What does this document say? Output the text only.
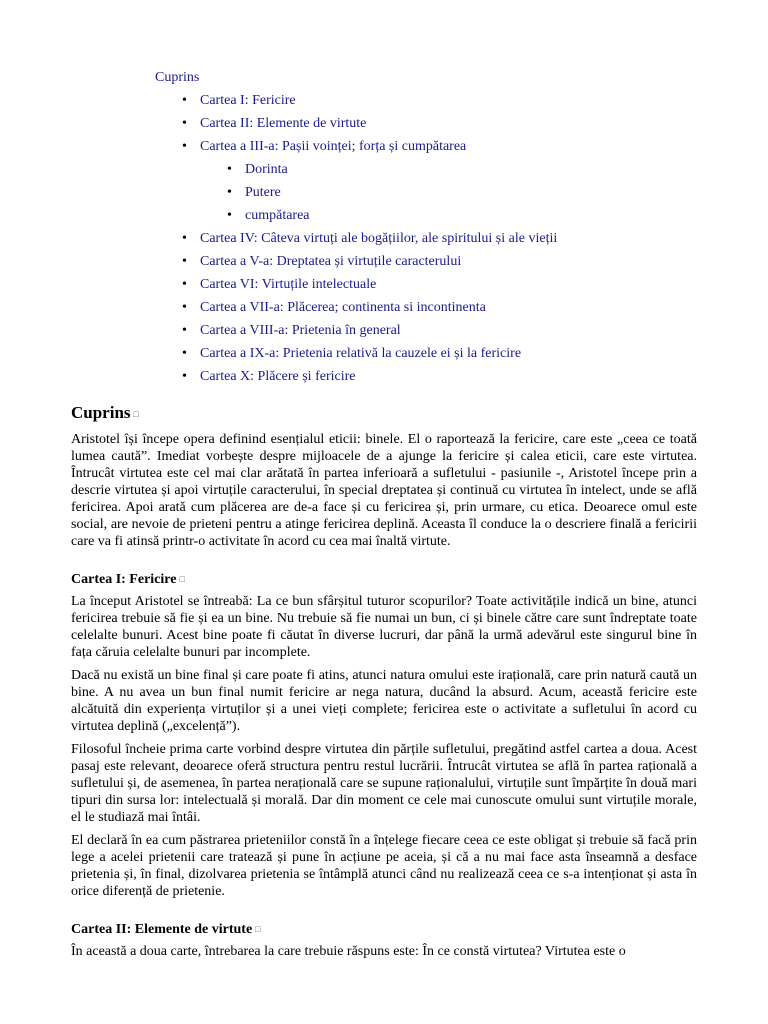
Cuprins
• Cartea I: Fericire
• Cartea II: Elemente de virtute
• Cartea a III-a: Pașii voinței; forța și cumpătarea
• Dorinta
• Putere
• cumpătarea
• Cartea IV: Câteva virtuți ale bogățiilor, ale spiritului și ale vieții
• Cartea a V-a: Dreptatea și virtuțile caracterului
• Cartea VI: Virtuțile intelectuale
• Cartea a VII-a: Plăcerea; continenta si incontinenta
• Cartea a VIII-a: Prietenia în general
• Cartea a IX-a: Prietenia relativă la cauzele ei și la fericire
• Cartea X: Plăcere și fericire
Cuprins □

Aristotel își începe opera definind esențialul eticii: binele. El o raportează la fericire, care este „ceea ce toată lumea caută”. Imediat vorbește despre mijloacele de a ajunge la fericire și calea eticii, care este virtutea. Întrucât virtutea este cel mai clar arătată în partea inferioară a sufletului - pasiunile -, Aristotel începe prin a descrie virtutea și apoi virtuțile caracterului, în special dreptatea și continuă cu virtutea în intelect, unde se află fericirea. Apoi arată cum plăcerea are de-a face și cu fericirea și, prin urmare, cu etica. Deoarece omul este social, are nevoie de prieteni pentru a atinge fericirea deplină. Aceasta îl conduce la o descriere finală a fericirii care va fi atinsă printr-o activitate în acord cu cea mai înaltă virtute.

Cartea I: Fericire □

La început Aristotel se întreabă: La ce bun sfârșitul tuturor scopurilor? Toate activitățile indică un bine, atunci fericirea trebuie să fie și ea un bine. Nu trebuie să fie numai un bun, ci și binele către care sunt îndreptate toate celelalte bunuri. Acest bine poate fi căutat în diverse lucruri, dar până la urmă adevărul este singurul bine în fața căruia celelalte bunuri par incomplete.

Dacă nu există un bine final și care poate fi atins, atunci natura omului este irațională, care prin natură caută un bine. A nu avea un bun final numit fericire ar nega natura, ducând la absurd. Acum, această fericire este alcătuită din experiența virtuților și a unei vieți complete; fericirea este o activitate a sufletului în acord cu virtutea deplină („excelență”).

Filosoful încheie prima carte vorbind despre virtutea din părțile sufletului, pregătind astfel cartea a doua. Acest pasaj este relevant, deoarece oferă structura pentru restul lucrării. Întrucât virtutea se află în partea rațională a sufletului și, de asemenea, în partea nerațională care se supune raționalului, virtuțile sunt împărțite în două mari tipuri din sursa lor: intelectuală și morală. Dar din moment ce cele mai cunoscute omului sunt virtuțile morale, el le studiază mai întâi.

El declară în ea cum păstrarea prieteniilor constă în a înțelege fiecare ceea ce este obligat și trebuie să facă prin lege a acelei prietenii care tratează și pune în acțiune pe aceia, și că a nu mai face asta înseamnă a desface prietenia și, în final, dizolvarea prietenia se întâmplă atunci când nu realizează ceea ce s-a intenționat și asta în orice diferență de prietenie.

Cartea II: Elemente de virtute □

În această a doua carte, întrebarea la care trebuie răspuns este: În ce constă virtutea? Virtutea este o
